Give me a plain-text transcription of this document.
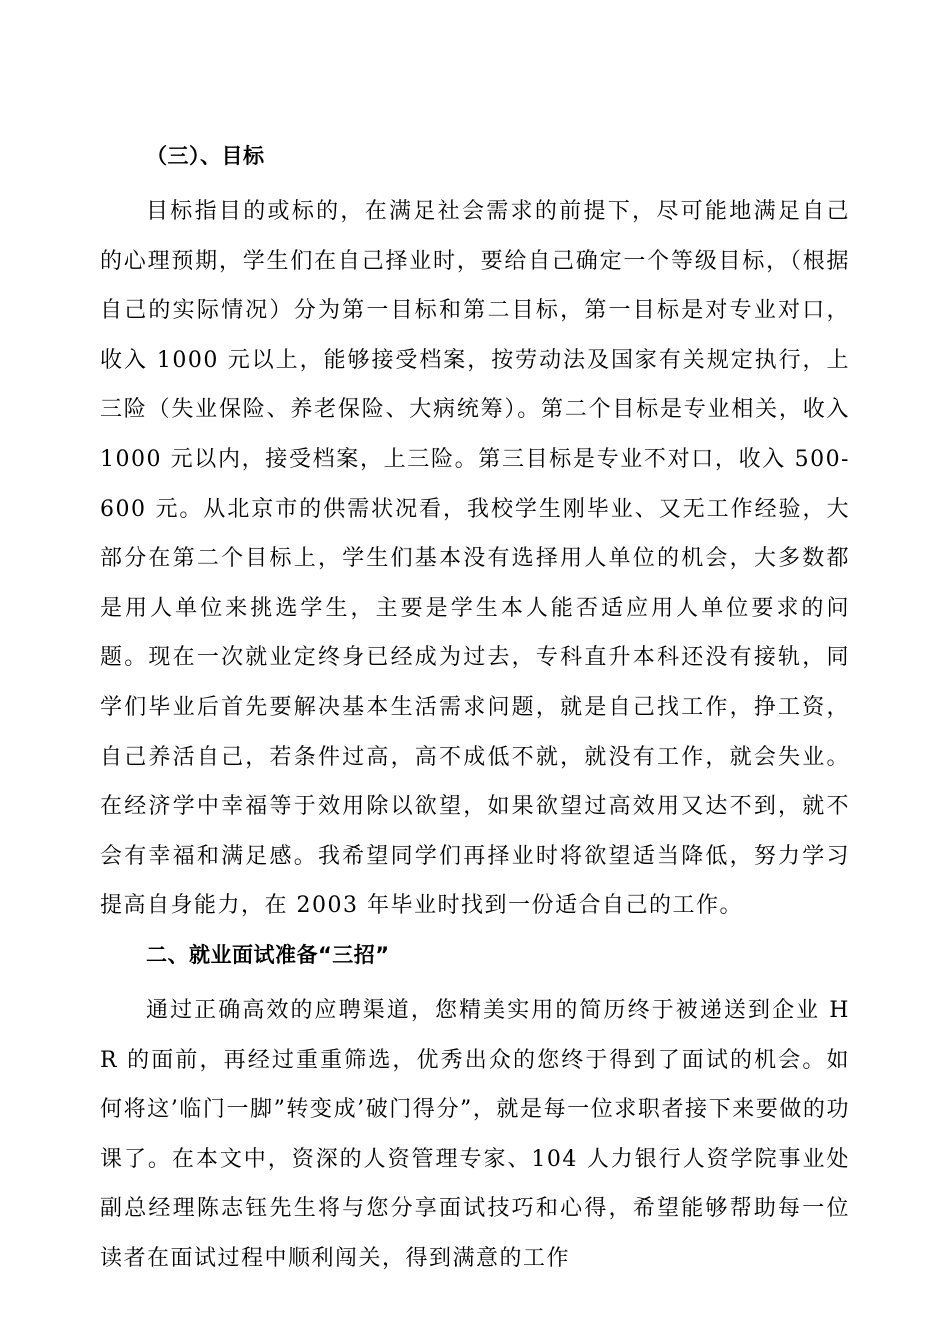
（三）、目标

目标指目的或标的，在满足社会需求的前提下，尽可能地满足自己的心理预期，学生们在自己择业时，要给自己确定一个等级目标，（根据自己的实际情况）分为第一目标和第二目标，第一目标是对专业对口，收入 1000 元以上，能够接受档案，按劳动法及国家有关规定执行，上三险（失业保险、养老保险、大病统筹）。第二个目标是专业相关，收入 1000 元以内，接受档案，上三险。第三目标是专业不对口，收入 500-600 元。从北京市的供需状况看，我校学生刚毕业、又无工作经验，大部分在第二个目标上，学生们基本没有选择用人单位的机会，大多数都是用人单位来挑选学生，主要是学生本人能否适应用人单位要求的问题。现在一次就业定终身已经成为过去，专科直升本科还没有接轨，同学们毕业后首先要解决基本生活需求问题，就是自己找工作，挣工资，自己养活自己，若条件过高，高不成低不就，就没有工作，就会失业。在经济学中幸福等于效用除以欲望，如果欲望过高效用又达不到，就不会有幸福和满足感。我希望同学们再择业时将欲望适当降低，努力学习提高自身能力，在 2003 年毕业时找到一份适合自己的工作。

二、就业面试准备“三招”

通过正确高效的应聘渠道，您精美实用的简历终于被递送到企业 HR 的面前，再经过重重筛选，优秀出众的您终于得到了面试的机会。如何将这’临门一脚”转变成’破门得分”，就是每一位求职者接下来要做的功课了。在本文中，资深的人资管理专家、104 人力银行人资学院事业处副总经理陈志钰先生将与您分享面试技巧和心得，希望能够帮助每一位读者在面试过程中顺利闯关，得到满意的工作
